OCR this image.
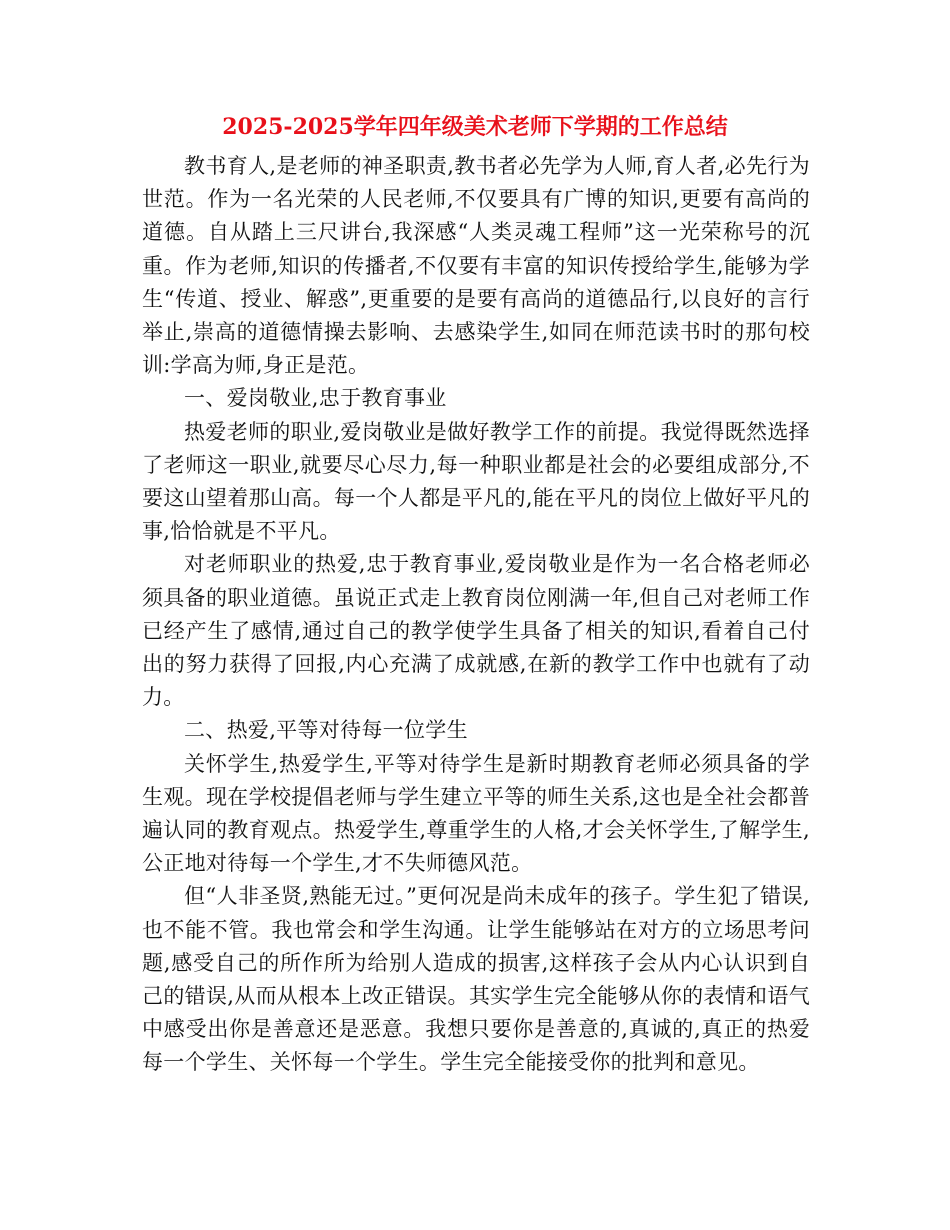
2025-2025学年四年级美术老师下学期的工作总结

教书育人,是老师的神圣职责,教书者必先学为人师,育人者,必先行为世范。作为一名光荣的人民老师,不仅要具有广博的知识,更要有高尚的道德。自从踏上三尺讲台,我深感“人类灵魂工程师”这一光荣称号的沉重。作为老师,知识的传播者,不仅要有丰富的知识传授给学生,能够为学生“传道、授业、解惑”,更重要的是要有高尚的道德品行,以良好的言行举止,崇高的道德情操去影响、去感染学生,如同在师范读书时的那句校训:学高为师,身正是范。

一、爱岗敬业,忠于教育事业

热爱老师的职业,爱岗敬业是做好教学工作的前提。我觉得既然选择了老师这一职业,就要尽心尽力,每一种职业都是社会的必要组成部分,不要这山望着那山高。每一个人都是平凡的,能在平凡的岗位上做好平凡的事,恰恰就是不平凡。

对老师职业的热爱,忠于教育事业,爱岗敬业是作为一名合格老师必须具备的职业道德。虽说正式走上教育岗位刚满一年,但自己对老师工作已经产生了感情,通过自己的教学使学生具备了相关的知识,看着自己付出的努力获得了回报,内心充满了成就感,在新的教学工作中也就有了动力。

二、热爱,平等对待每一位学生

关怀学生,热爱学生,平等对待学生是新时期教育老师必须具备的学生观。现在学校提倡老师与学生建立平等的师生关系,这也是全社会都普遍认同的教育观点。热爱学生,尊重学生的人格,才会关怀学生,了解学生,公正地对待每一个学生,才不失师德风范。

但“人非圣贤,熟能无过。”更何况是尚未成年的孩子。学生犯了错误,也不能不管。我也常会和学生沟通。让学生能够站在对方的立场思考问题,感受自己的所作所为给别人造成的损害,这样孩子会从内心认识到自己的错误,从而从根本上改正错误。其实学生完全能够从你的表情和语气中感受出你是善意还是恶意。我想只要你是善意的,真诚的,真正的热爱每一个学生、关怀每一个学生。学生完全能接受你的批判和意见。
